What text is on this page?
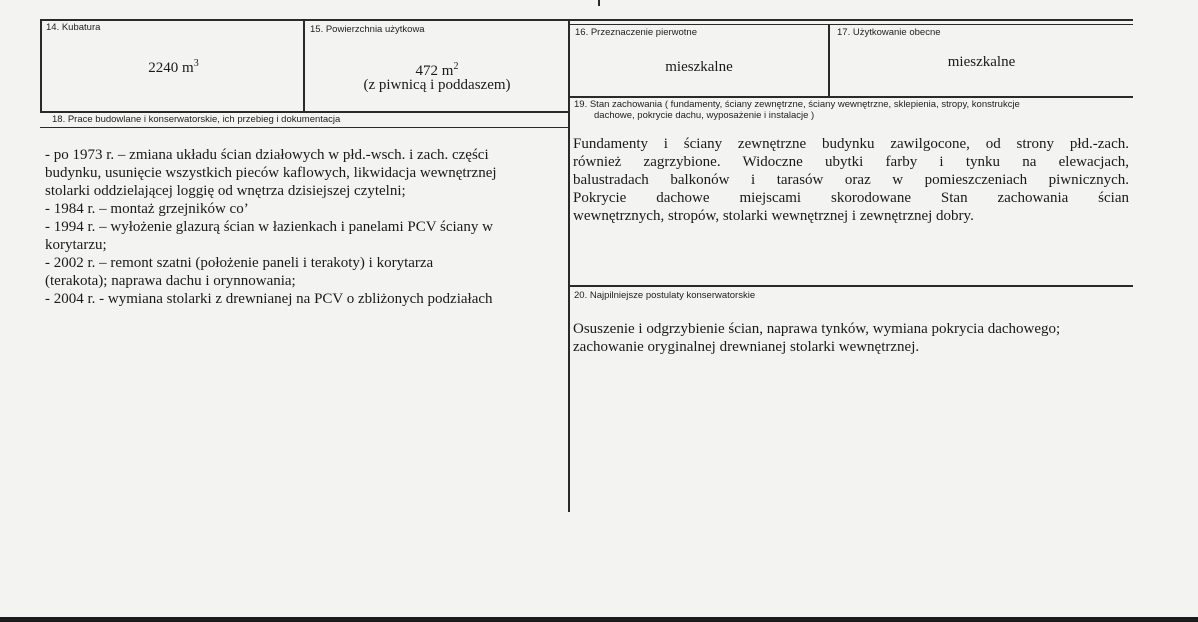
14. Kubatura
2240 $m^3$
15. Powierzchnia użytkowa
472 $m^2$
(z piwnicą i poddaszem)
16. Przeznaczenie pierwotne
mieszkalne
17. Użytkowanie obecne
mieszkalne
18. Prace budowlane i konserwatorskie, ich przebieg i dokumentacja
- po 1973 r. – zmiana układu ścian działowych w płd.-wsch. i zach. części
budynku, usunięcie wszystkich pieców kaflowych, likwidacja wewnętrznej
stolarki oddzielającej loggię od wnętrza dzisiejszej czytelni;
- 1984 r. – montaż grzejników co’
- 1994 r. – wyłożenie glazurą ścian w łazienkach i panelami PCV ściany w
korytarzu;
- 2002 r. – remont szatni (położenie paneli i terakoty) i korytarza
(terakota); naprawa dachu i orynnowania;
- 2004 r. - wymiana stolarki z drewnianej na PCV o zbliżonych podziałach
19. Stan zachowania ( fundamenty, ściany zewnętrzne, ściany wewnętrzne, sklepienia, stropy, konstrukcje
dachowe, pokrycie dachu, wyposażenie i instalacje )
Fundamenty i ściany zewnętrzne budynku zawilgocone, od strony płd.-zach.
również zagrzybione. Widoczne ubytki farby i tynku na elewacjach,
balustradach balkonów i tarasów oraz w pomieszczeniach piwnicznych.
Pokrycie dachowe miejscami skorodowane Stan zachowania ścian
wewnętrznych, stropów, stolarki wewnętrznej i zewnętrznej dobry.
20. Najpilniejsze postulaty konserwatorskie
Osuszenie i odgrzybienie ścian, naprawa tynków, wymiana pokrycia dachowego;
zachowanie oryginalnej drewnianej stolarki wewnętrznej.
